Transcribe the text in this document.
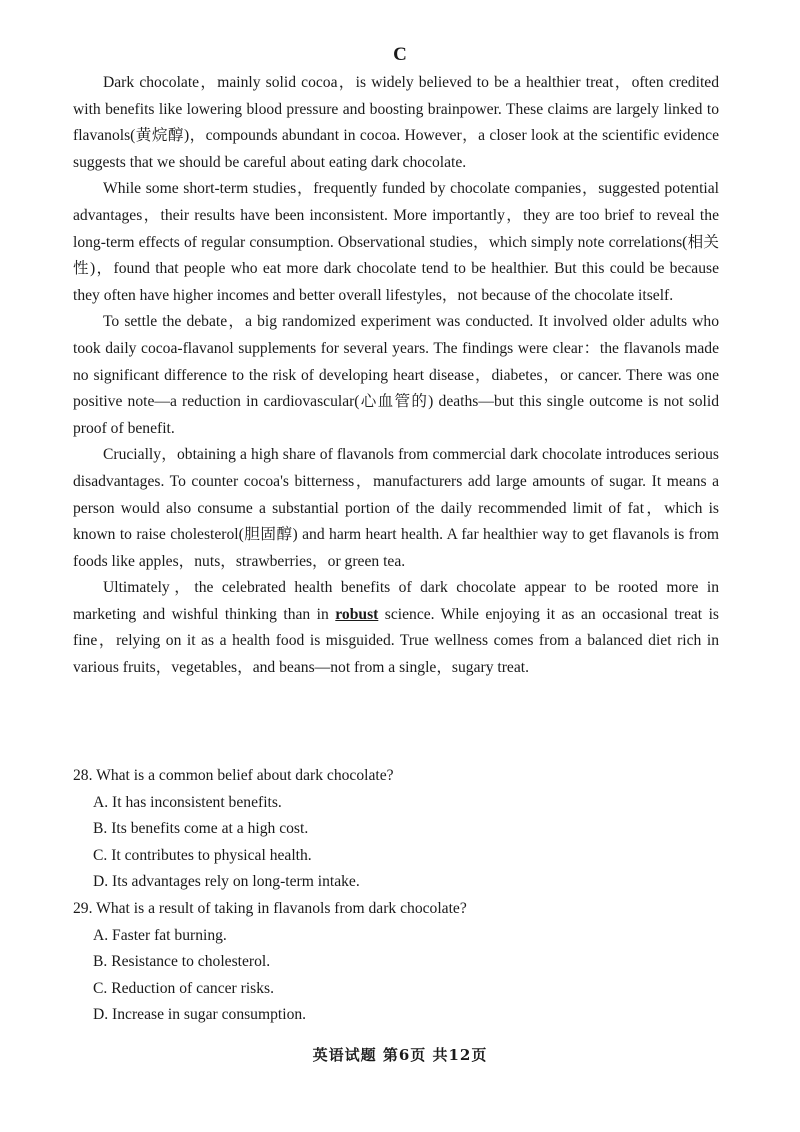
C

Dark chocolate，mainly solid cocoa，is widely believed to be a healthier treat，often credited with benefits like lowering blood pressure and boosting brainpower. These claims are largely linked to flavanols(黄烷醇)，compounds abundant in cocoa. However，a closer look at the scientific evidence suggests that we should be careful about eating dark chocolate.

While some short-term studies，frequently funded by chocolate companies，suggested potential advantages，their results have been inconsistent. More importantly，they are too brief to reveal the long-term effects of regular consumption. Observational studies，which simply note correlations(相关性)，found that people who eat more dark chocolate tend to be healthier. But this could be because they often have higher incomes and better overall lifestyles，not because of the chocolate itself.

To settle the debate，a big randomized experiment was conducted. It involved older adults who took daily cocoa-flavanol supplements for several years. The findings were clear：the flavanols made no significant difference to the risk of developing heart disease，diabetes，or cancer. There was one positive note—a reduction in cardiovascular(心血管的) deaths—but this single outcome is not solid proof of benefit.

Crucially，obtaining a high share of flavanols from commercial dark chocolate introduces serious disadvantages. To counter cocoa's bitterness，manufacturers add large amounts of sugar. It means a person would also consume a substantial portion of the daily recommended limit of fat，which is known to raise cholesterol(胆固醇) and harm heart health. A far healthier way to get flavanols is from foods like apples，nuts，strawberries，or green tea.

Ultimately，the celebrated health benefits of dark chocolate appear to be rooted more in marketing and wishful thinking than in robust science. While enjoying it as an occasional treat is fine，relying on it as a health food is misguided. True wellness comes from a balanced diet rich in various fruits，vegetables，and beans—not from a single，sugary treat.

28. What is a common belief about dark chocolate?

A. It has inconsistent benefits.

B. Its benefits come at a high cost.

C. It contributes to physical health.

D. Its advantages rely on long-term intake.

29. What is a result of taking in flavanols from dark chocolate?

A. Faster fat burning.

B. Resistance to cholesterol.

C. Reduction of cancer risks.

D. Increase in sugar consumption.

英语试题 第6页 共12页
